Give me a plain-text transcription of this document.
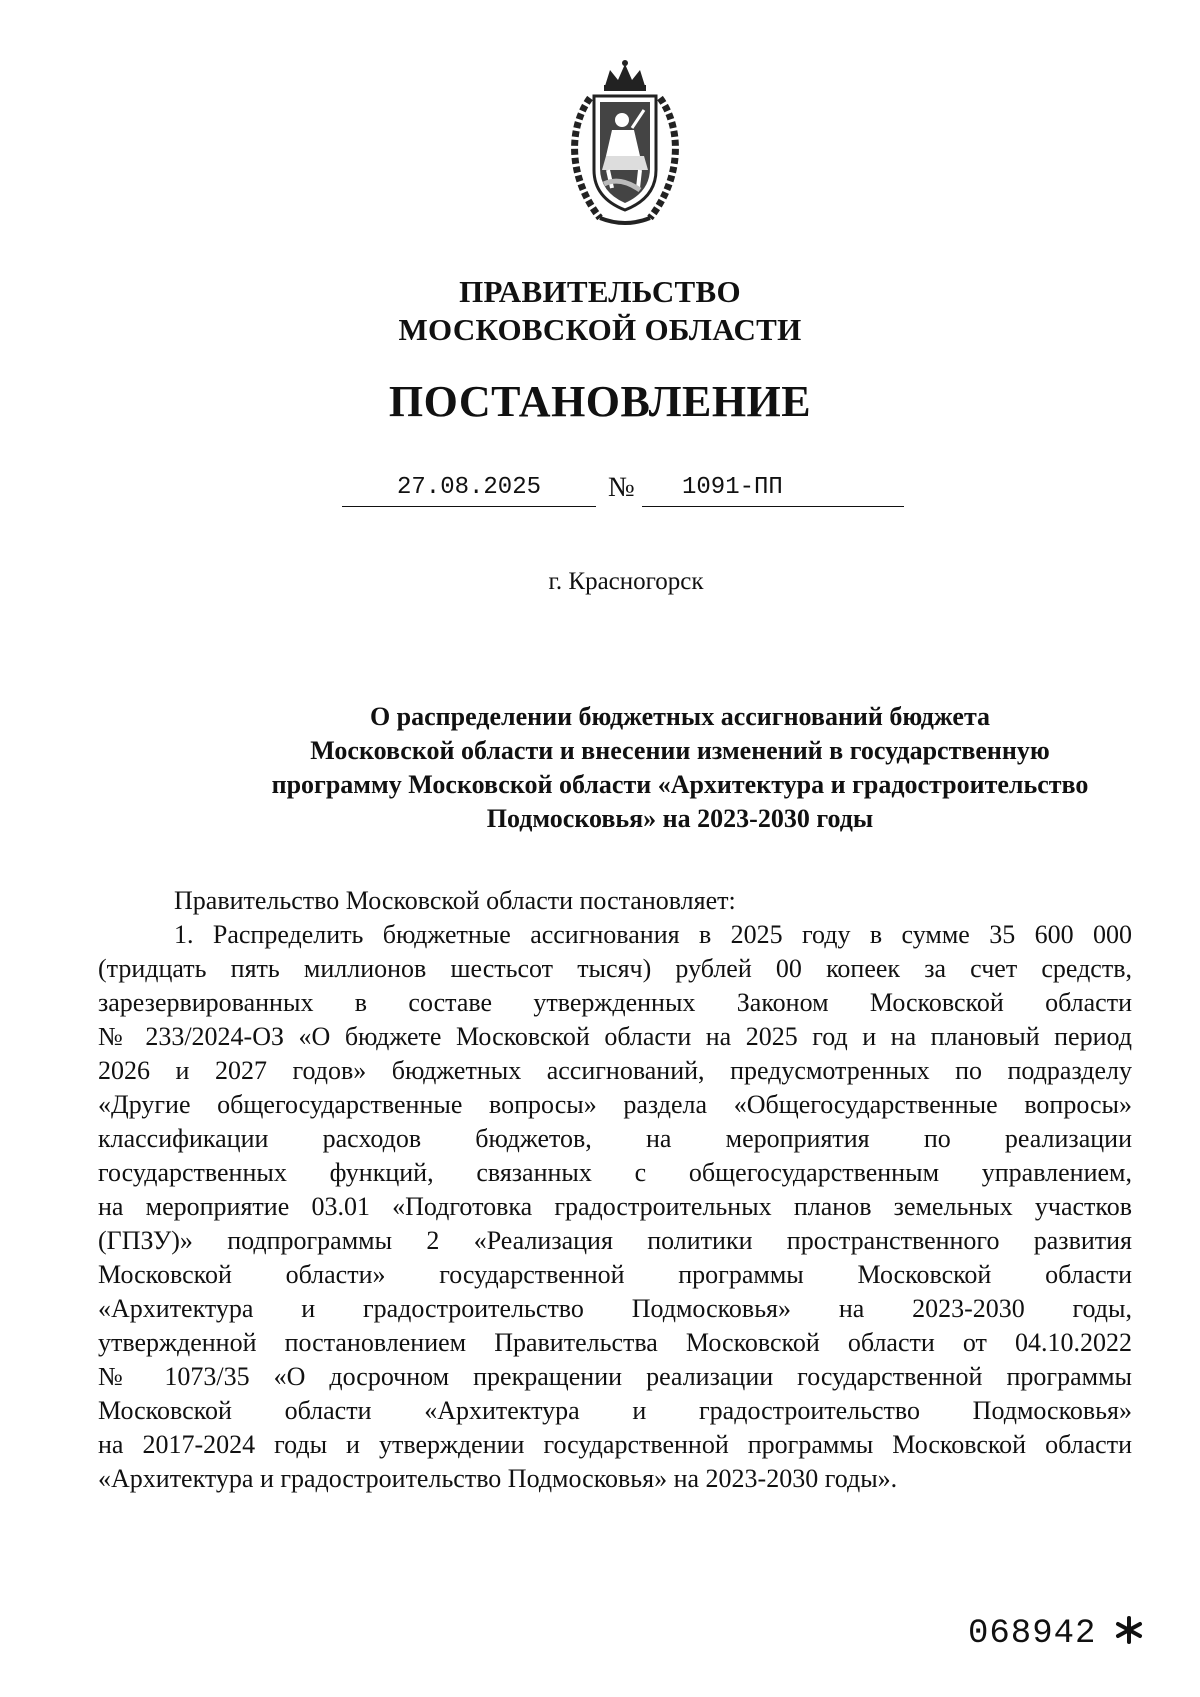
ПРАВИТЕЛЬСТВО
МОСКОВСКОЙ ОБЛАСТИ
ПОСТАНОВЛЕНИЕ
27.08.2025	№	1091-ПП
г. Красногорск
О распределении бюджетных ассигнований бюджета
Московской области и внесении изменений в государственную
программу Московской области «Архитектура и градостроительство
Подмосковья» на 2023-2030 годы
Правительство Московской области постановляет:
1. Распределить бюджетные ассигнования в 2025 году в сумме 35 600 000
(тридцать пять миллионов шестьсот тысяч) рублей 00 копеек за счет средств,
зарезервированных в составе утвержденных Законом Московской области
№ 233/2024-ОЗ «О бюджете Московской области на 2025 год и на плановый период
2026 и 2027 годов» бюджетных ассигнований, предусмотренных по подразделу
«Другие общегосударственные вопросы» раздела «Общегосударственные вопросы»
классификации расходов бюджетов, на мероприятия по реализации
государственных функций, связанных с общегосударственным управлением,
на мероприятие 03.01 «Подготовка градостроительных планов земельных участков
(ГПЗУ)» подпрограммы 2 «Реализация политики пространственного развития
Московской области» государственной программы Московской области
«Архитектура и градостроительство Подмосковья» на 2023-2030 годы,
утвержденной постановлением Правительства Московской области от 04.10.2022
№ 1073/35 «О досрочном прекращении реализации государственной программы
Московской области «Архитектура и градостроительство Подмосковья»
на 2017-2024 годы и утверждении государственной программы Московской области
«Архитектура и градостроительство Подмосковья» на 2023-2030 годы».
068942
